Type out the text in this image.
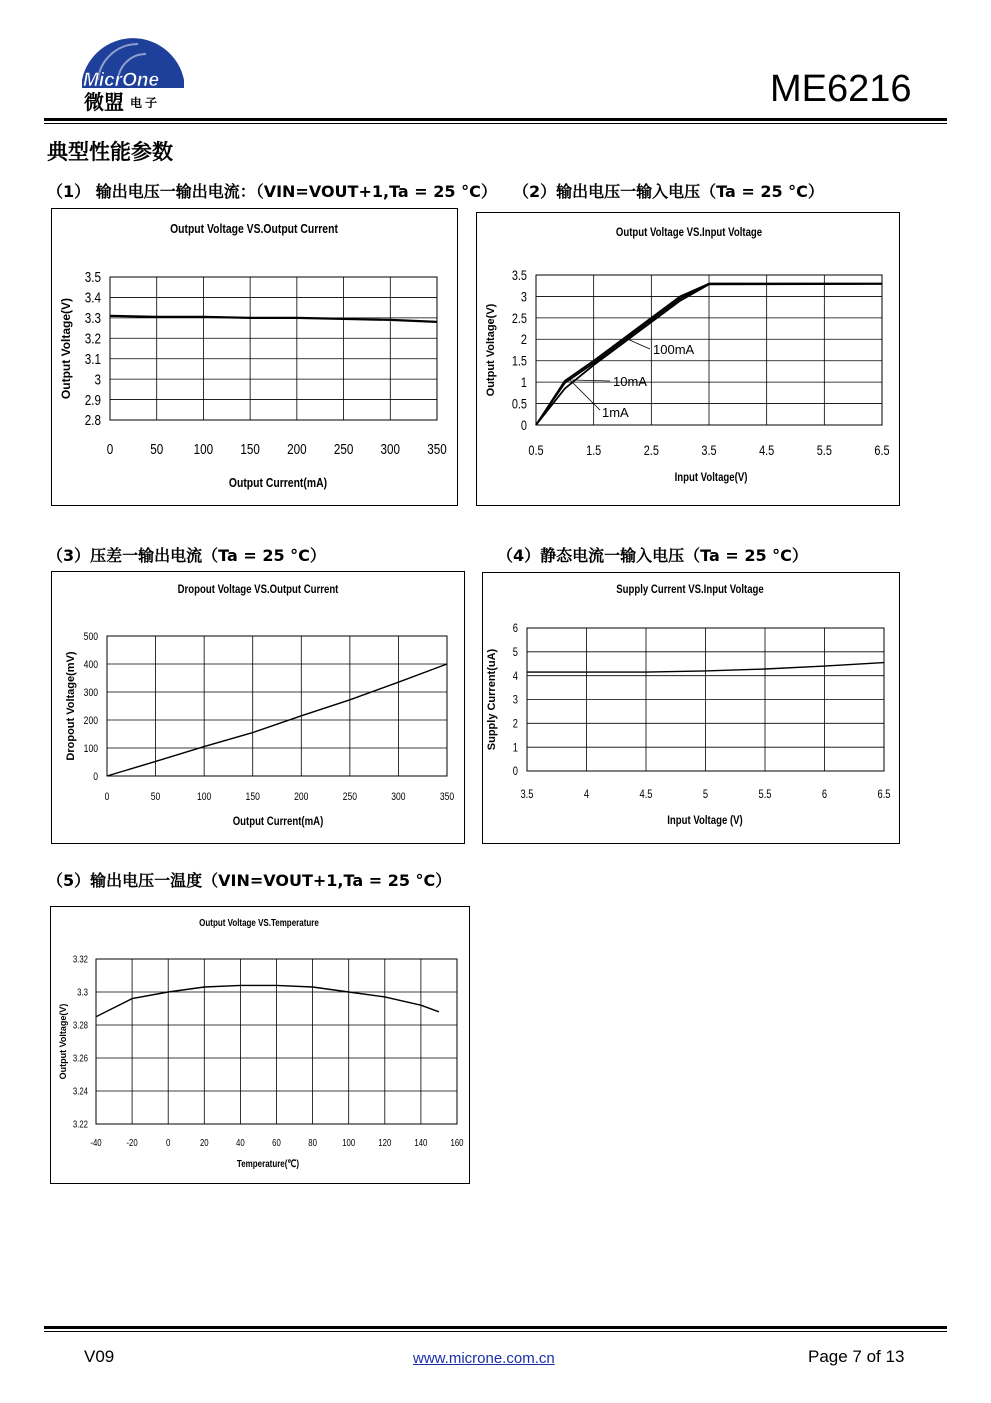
MicrOne
微盟 电子	ME6216
典型性能参数
（1） 输出电压一输出电流：（VIN=VOUT+1,Ta = 25 °C） （2）输出电压一输入电压（Ta = 25 °C）
（3）压差一输出电流（Ta = 25 °C）	（4）静态电流一输入电压（Ta = 25 °C）
（5）输出电压一温度（VIN=VOUT+1,Ta = 25 °C）
Output Voltage VS.Output Current
0 50 100 150 200 250 300 350
3.5
3.4
3.3
3.2
3.1
3
2.9
2.8
Output Current(mA)
Output Voltage(V)
Output Voltage VS.Input Voltage
0.5	1.5	2.5	3.5	4.5	5.5	6.5
3.5
3
2.5
2
1.5
1
0.5
0
Input Voltage(V)
Output Voltage(V)	100mA
10mA
1mA
Dropout Voltage VS.Output Current
0	50	100	150	200	250	300	350
500
400
300
200
100
0
Output Current(mA)
Dropout Voltage(mV)
Supply Current VS.Input Voltage
3.5	4	4.5	5	5.5	6	6.5
6
5
4
3
2
1
0
Input Voltage (V)
Supply Current(uA)
Output Voltage VS.Temperature
-40 -20	0	20	40	60	80	100 120 140 160
3.32
3.3
3.28
3.26
3.24
3.22
Temperature(℃)
Output Voltage(V)
V09	www.microne.com.cn	Page 7 of 13
